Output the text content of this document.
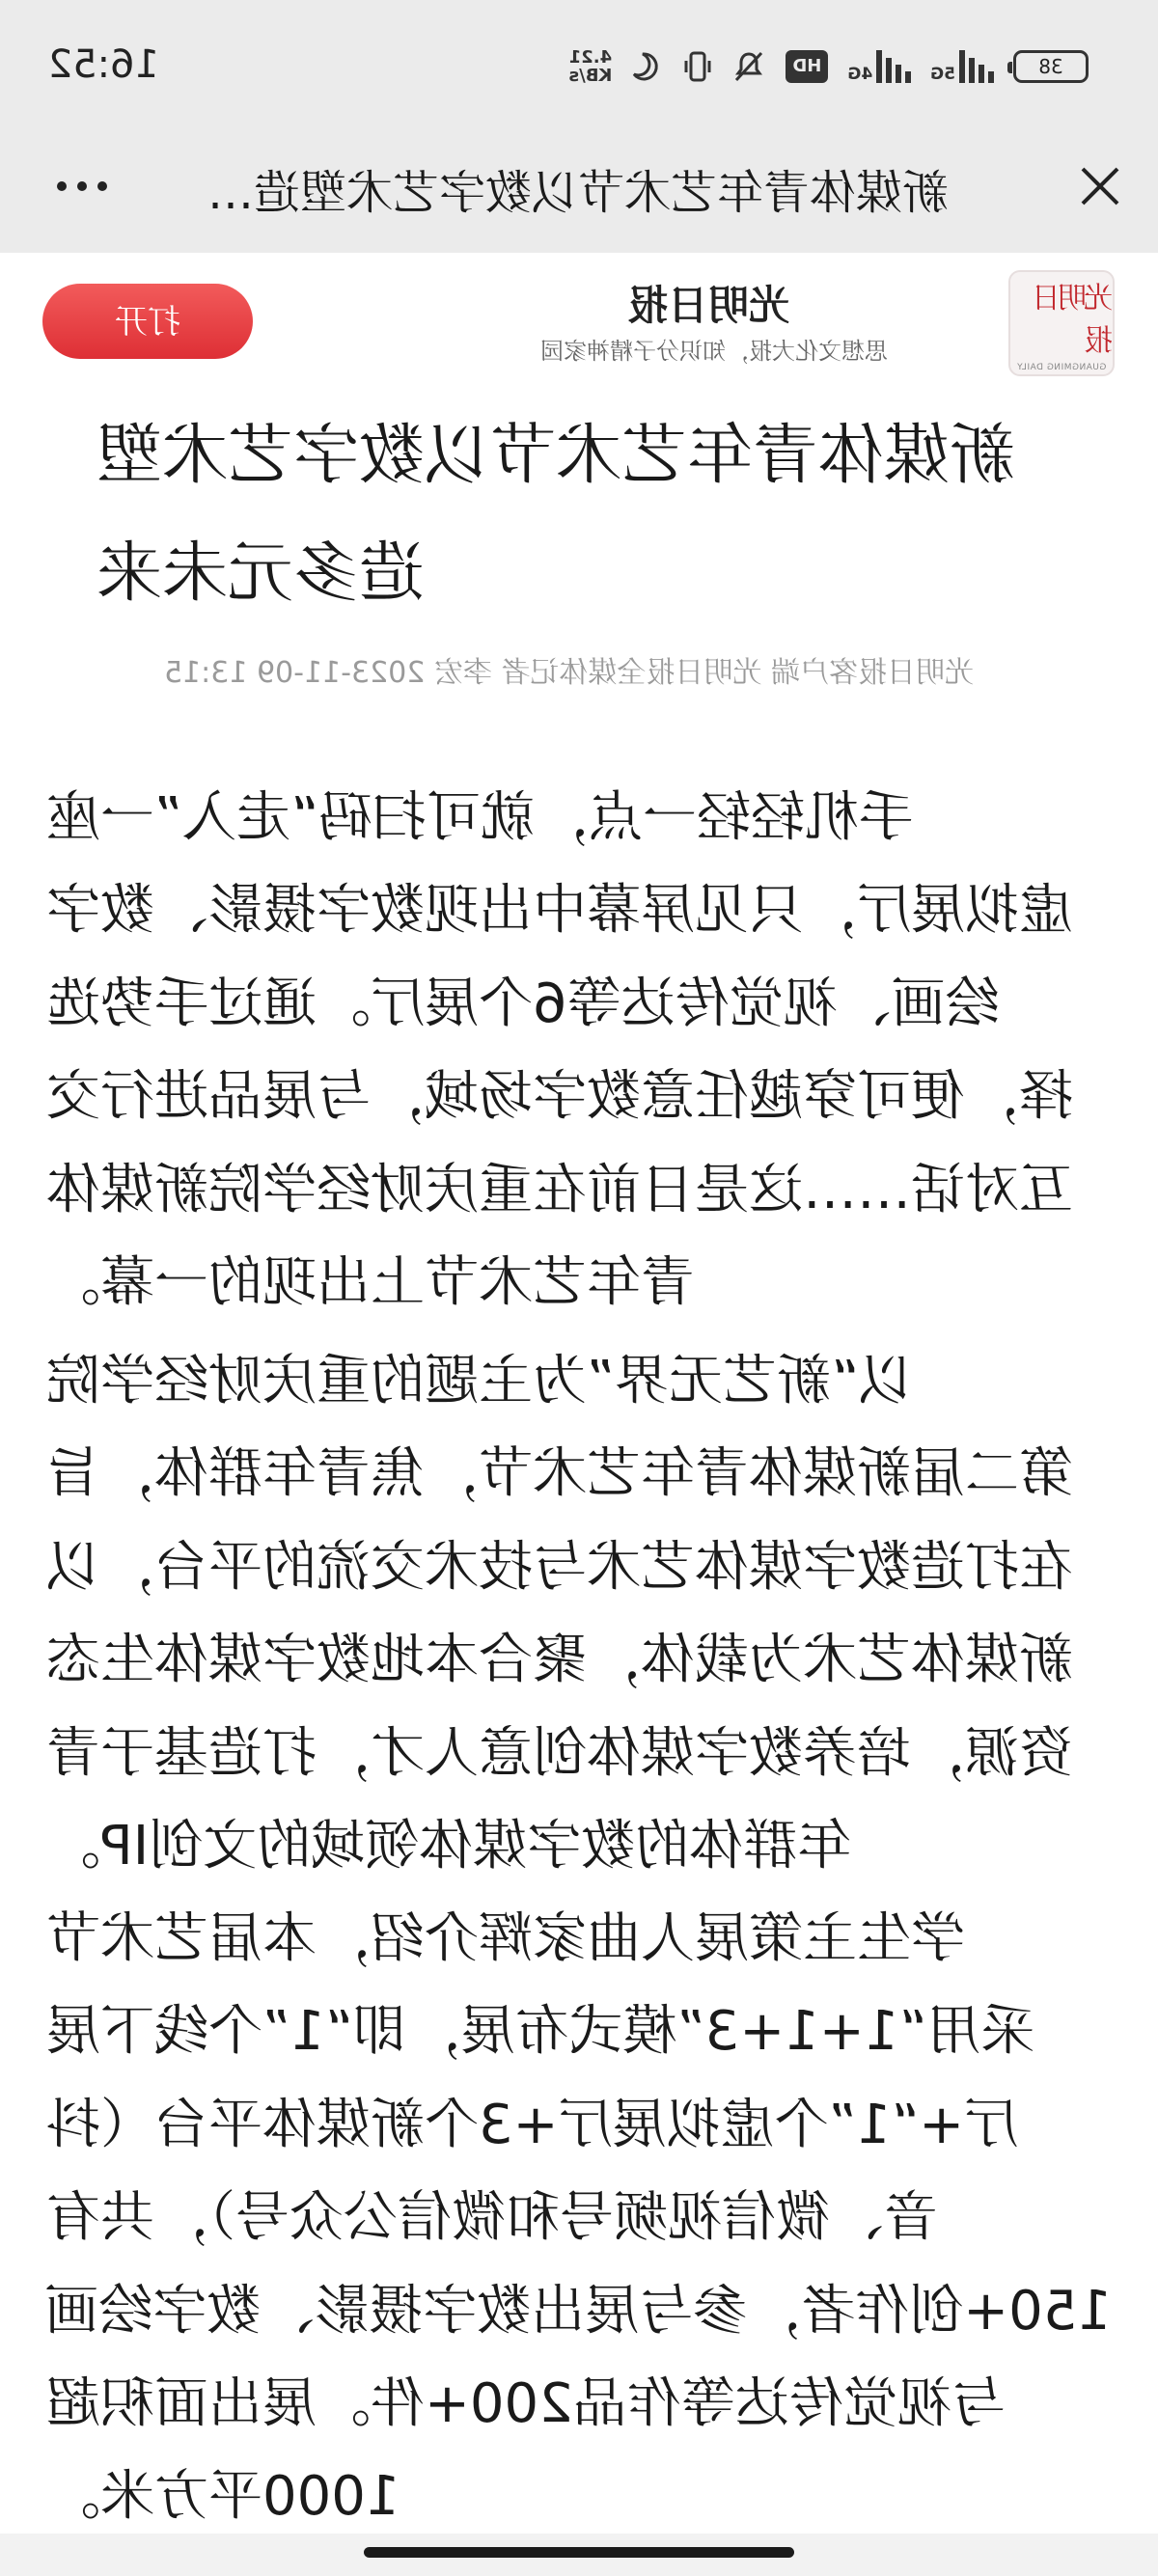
16:52	38
5G
4G
HD
4.21
KB/s
新媒体青年艺术节以数字艺术塑造…
打开	光明日报
思想文化大报，知识分子精神家园
光明日报
GUANGMING DAILY
新媒体青年艺术节以数字艺术塑
造多元未来
光明日报客户端 光明日报全媒体记者 李宏 2023-11-09 13:15
手机轻轻一点，就可扫码“走入”一座
虚拟展厅，只见屏幕中出现数字摄影、数字
绘画、视觉传达等6个展厅。通过手势选
择，便可穿越任意数字场域，与展品进行交
互对话……这是日前在重庆财经学院新媒体
青年艺术节上出现的一幕。
以“新艺无界”为主题的重庆财经学院
第二届新媒体青年艺术节，焦青年群体，旨
在打造数字媒体艺术与技术交流的平台，以
新媒体艺术为载体，聚合本地数字媒体生态
资源，培养数字媒体创意人才，打造基于青
年群体的数字媒体领域的文创IP。
学生主策展人曲家辉介绍，本届艺术节
采用“1+1+3”模式布展，即“1”个线下展
厅+“1”个虚拟展厅+3个新媒体平台（抖
音、微信视频号和微信公众号），共有
150+创作者，参与展出数字摄影、数字绘画
与视觉传达等作品200+件。展出面积超
1000平方米。
